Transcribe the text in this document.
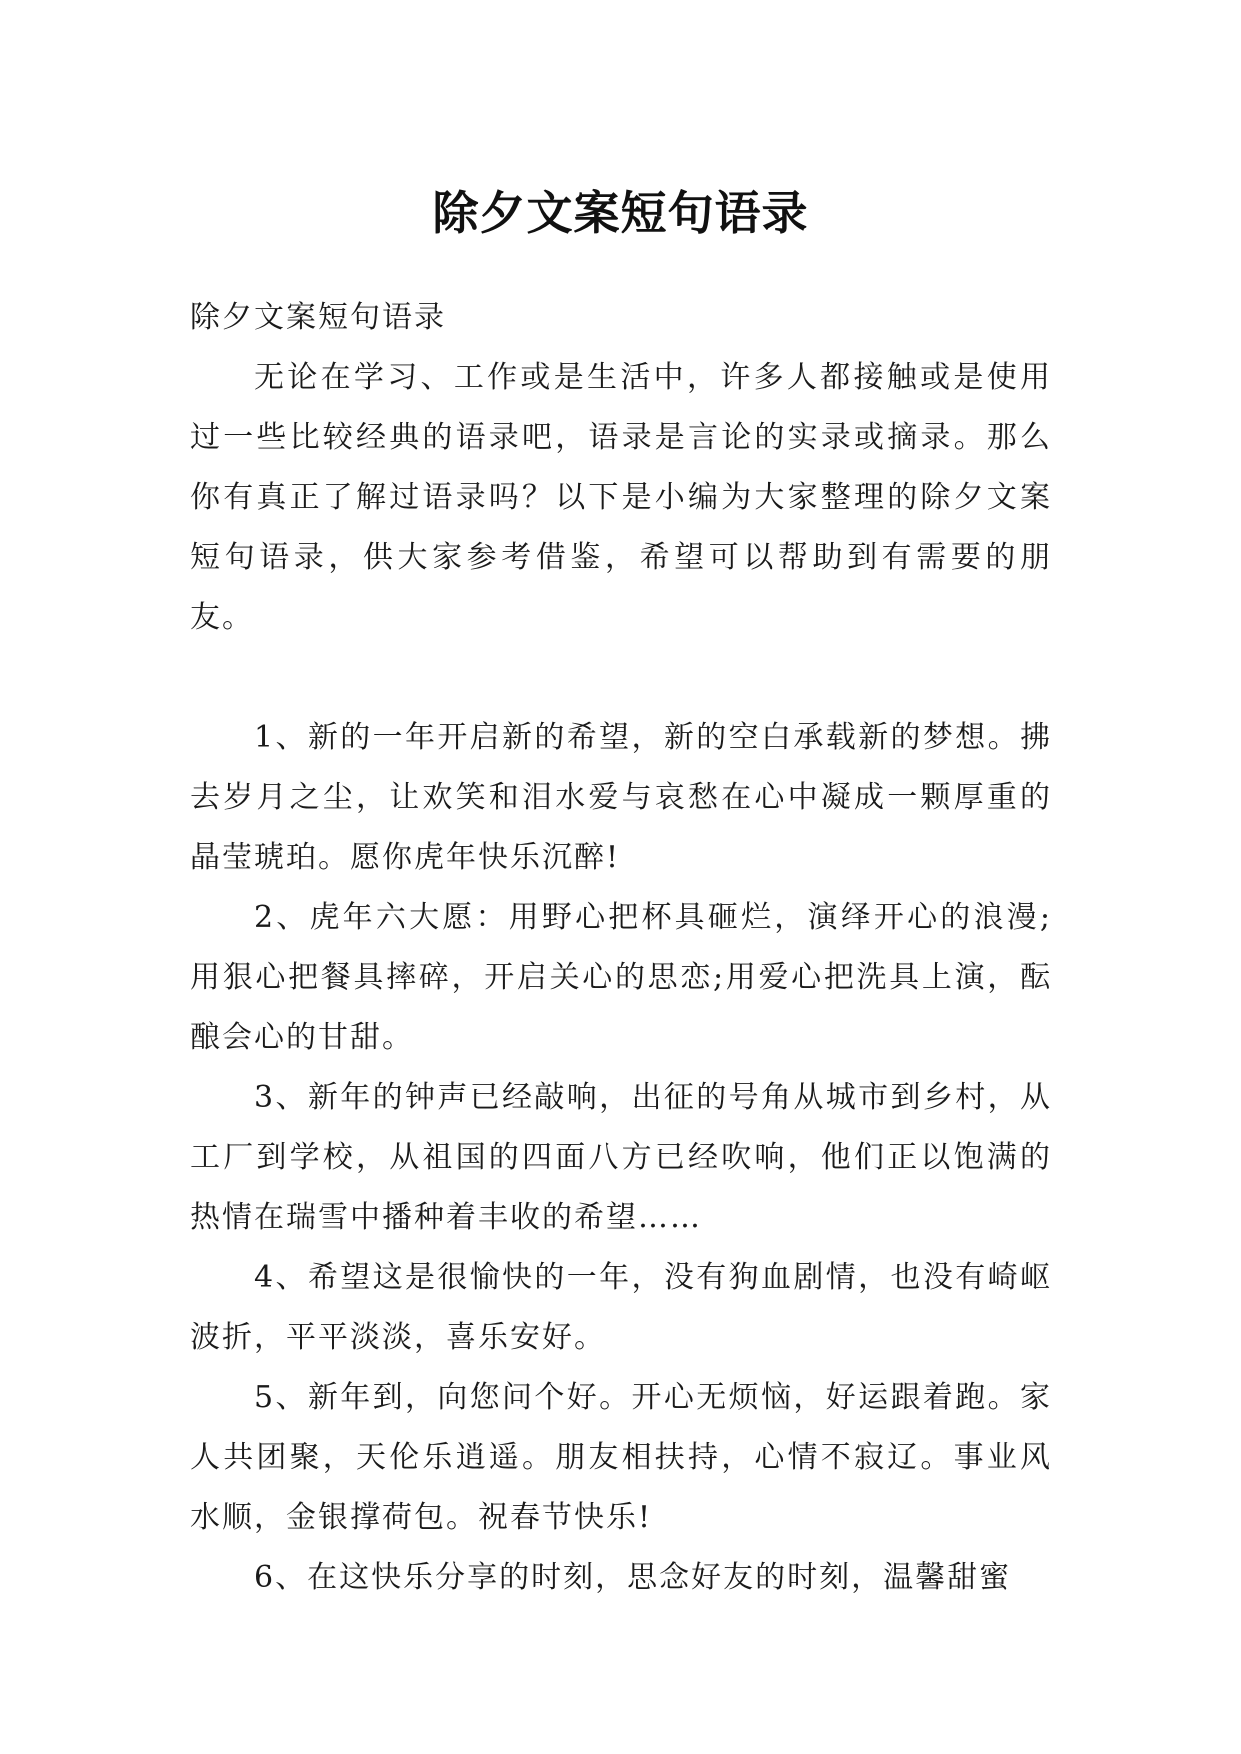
除夕文案短句语录

除夕文案短句语录

无论在学习、工作或是生活中，许多人都接触或是使用过一些比较经典的语录吧，语录是言论的实录或摘录。那么你有真正了解过语录吗？以下是小编为大家整理的除夕文案短句语录，供大家参考借鉴，希望可以帮助到有需要的朋友。

1、新的一年开启新的希望，新的空白承载新的梦想。拂去岁月之尘，让欢笑和泪水爱与哀愁在心中凝成一颗厚重的晶莹琥珀。愿你虎年快乐沉醉!

2、虎年六大愿：用野心把杯具砸烂，演绎开心的浪漫;用狠心把餐具摔碎，开启关心的思恋;用爱心把洗具上演，酝酿会心的甘甜。

3、新年的钟声已经敲响，出征的号角从城市到乡村，从工厂到学校，从祖国的四面八方已经吹响，他们正以饱满的热情在瑞雪中播种着丰收的希望……

4、希望这是很愉快的一年，没有狗血剧情，也没有崎岖波折，平平淡淡，喜乐安好。

5、新年到，向您问个好。开心无烦恼，好运跟着跑。家人共团聚，天伦乐逍遥。朋友相扶持，心情不寂辽。事业风水顺，金银撑荷包。祝春节快乐!

6、在这快乐分享的时刻，思念好友的时刻，温馨甜蜜
